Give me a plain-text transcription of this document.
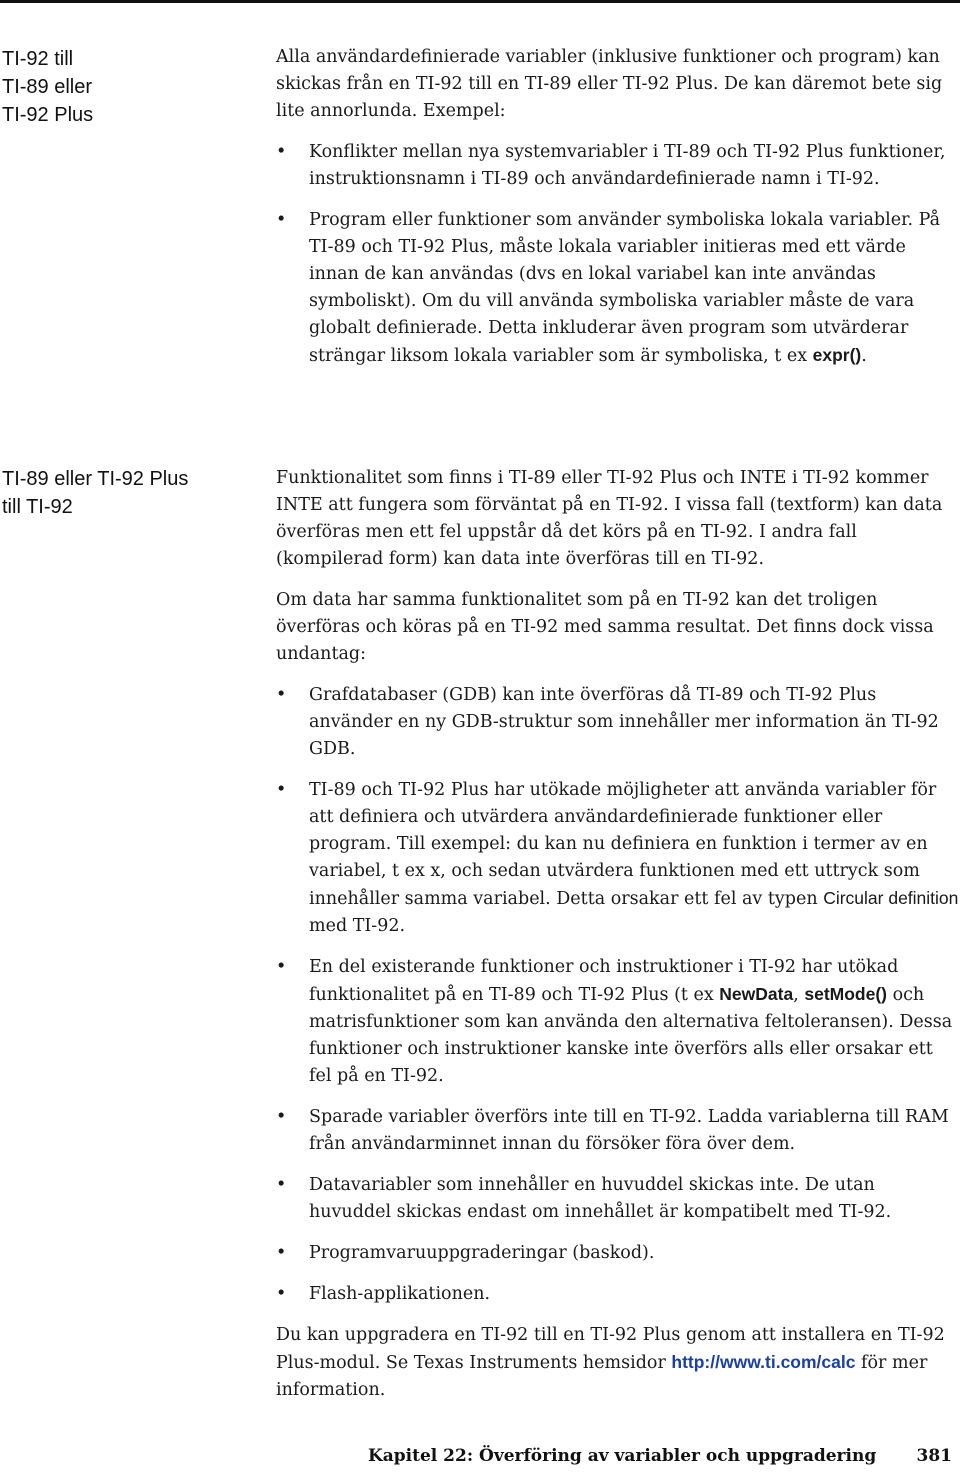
TI-92 till
TI-89 eller
TI-92 Plus

Alla användardefinierade variabler (inklusive funktioner och program) kan skickas från en TI-92 till en TI-89 eller TI-92 Plus. De kan däremot bete sig lite annorlunda. Exempel:

• Konflikter mellan nya systemvariabler i TI-89 och TI-92 Plus funktioner, instruktionsnamn i TI-89 och användardefinierade namn i TI-92.
• Program eller funktioner som använder symboliska lokala variabler. På TI-89 och TI-92 Plus, måste lokala variabler initieras med ett värde innan de kan användas (dvs en lokal variabel kan inte användas symboliskt). Om du vill använda symboliska variabler måste de vara globalt definierade. Detta inkluderar även program som utvärderar strängar liksom lokala variabler som är symboliska, t ex expr().
TI-89 eller TI-92 Plus
till TI-92

Funktionalitet som finns i TI-89 eller TI-92 Plus och INTE i TI-92 kommer INTE att fungera som förväntat på en TI-92. I vissa fall (textform) kan data överföras men ett fel uppstår då det körs på en TI-92. I andra fall (kompilerad form) kan data inte överföras till en TI-92.

Om data har samma funktionalitet som på en TI-92 kan det troligen överföras och köras på en TI-92 med samma resultat. Det finns dock vissa undantag:

• Grafdatabaser (GDB) kan inte överföras då TI-89 och TI-92 Plus använder en ny GDB-struktur som innehåller mer information än TI-92 GDB.
• TI-89 och TI-92 Plus har utökade möjligheter att använda variabler för att definiera och utvärdera användardefinierade funktioner eller program. Till exempel: du kan nu definiera en funktion i termer av en variabel, t ex x, och sedan utvärdera funktionen med ett uttryck som innehåller samma variabel. Detta orsakar ett fel av typen Circular definition med TI-92.
• En del existerande funktioner och instruktioner i TI-92 har utökad funktionalitet på en TI-89 och TI-92 Plus (t ex NewData, setMode() och matrisfunktioner som kan använda den alternativa feltoleransen). Dessa funktioner och instruktioner kanske inte överförs alls eller orsakar ett fel på en TI-92.
• Sparade variabler överförs inte till en TI-92. Ladda variablerna till RAM från användarminnet innan du försöker föra över dem.
• Datavariabler som innehåller en huvuddel skickas inte. De utan huvuddel skickas endast om innehållet är kompatibelt med TI-92.
• Programvaruuppgraderingar (baskod).
• Flash-applikationen.

Du kan uppgradera en TI-92 till en TI-92 Plus genom att installera en TI-92 Plus-modul. Se Texas Instruments hemsidor http://www.ti.com/calc för mer information.

Kapitel 22: Överföring av variabler och uppgradering 381
